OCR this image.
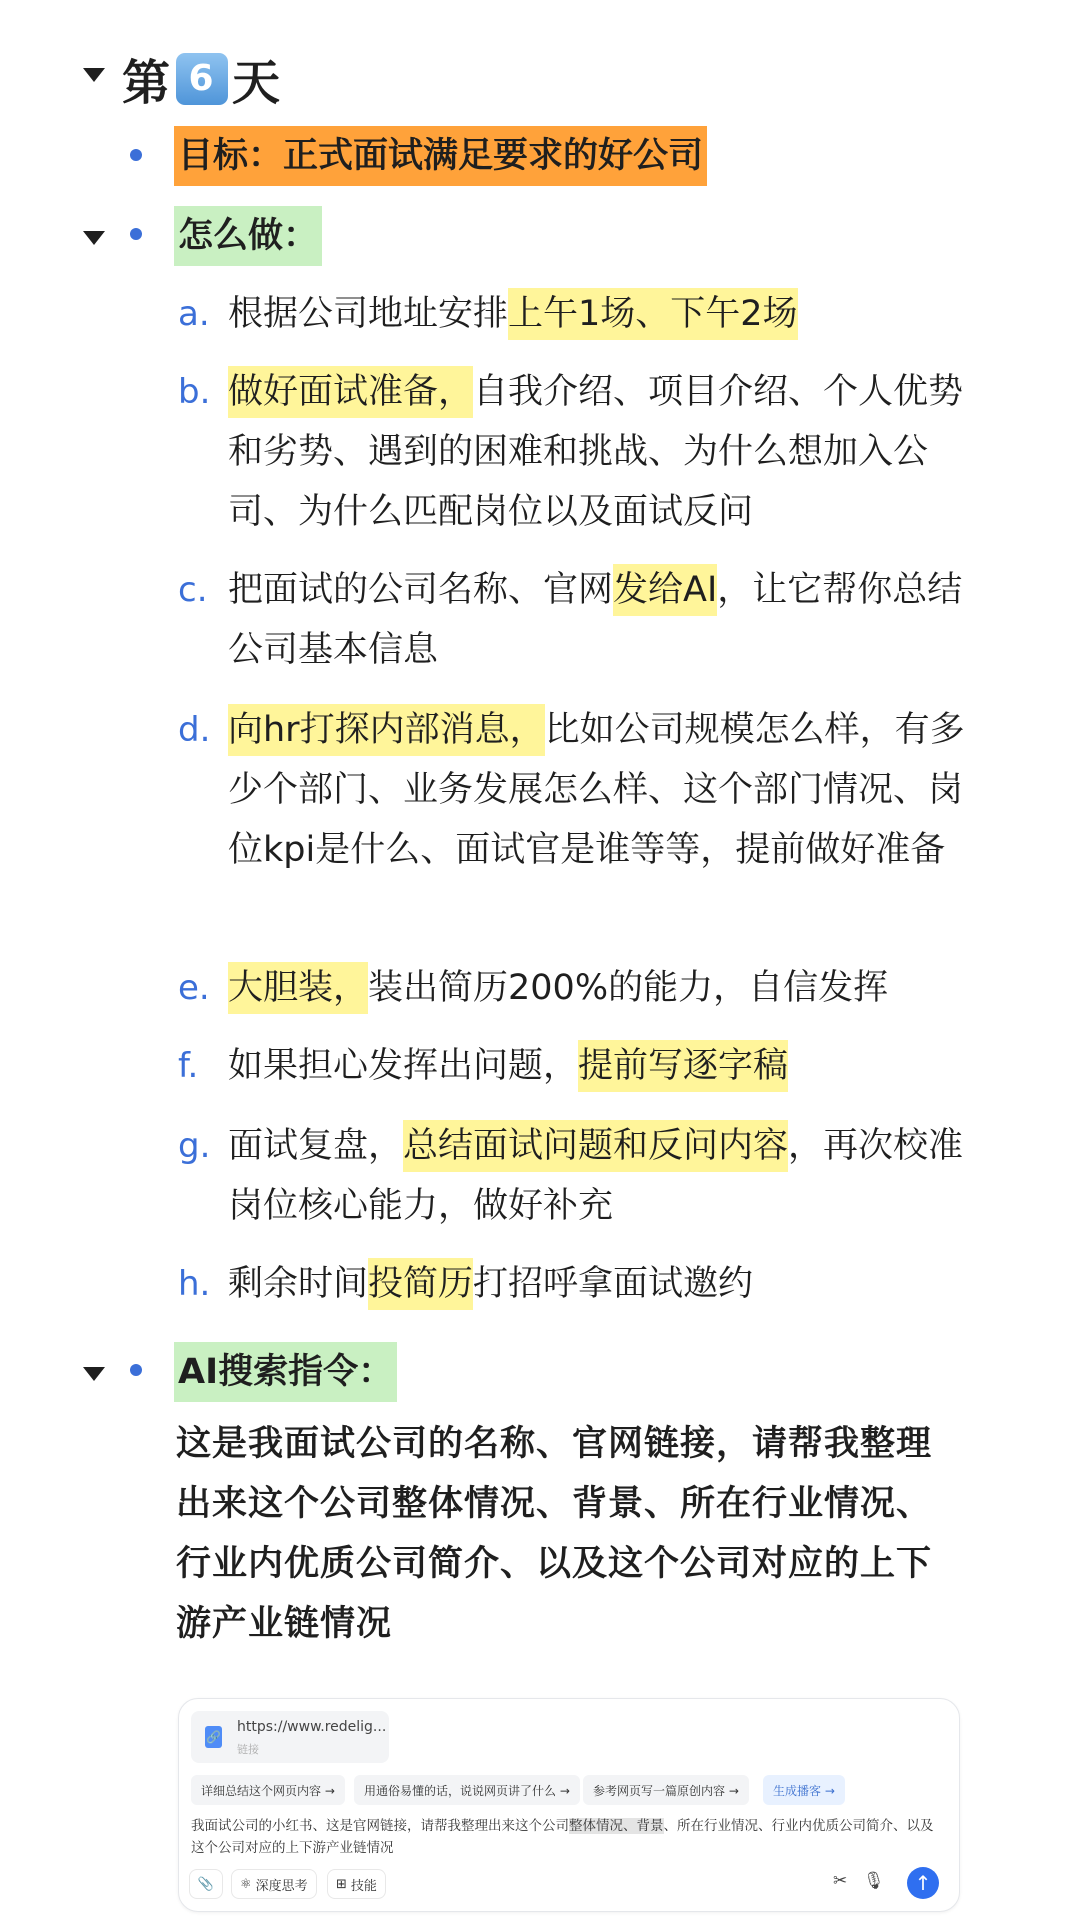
第 6 天
目标：正式面试满足要求的好公司
怎么做：
a. 根据公司地址安排上午1场、下午2场
b. 做好面试准备，自我介绍、项目介绍、个人优势和劣势、遇到的困难和挑战、为什么想加入公司、为什么匹配岗位以及面试反问
c. 把面试的公司名称、官网发给AI，让它帮你总结公司基本信息
d. 向hr打探内部消息，比如公司规模怎么样，有多少个部门、业务发展怎么样、这个部门情况、岗位kpi是什么、面试官是谁等等，提前做好准备
e. 大胆装，装出简历200%的能力，自信发挥
f. 如果担心发挥出问题，提前写逐字稿
g. 面试复盘，总结面试问题和反问内容，再次校准岗位核心能力，做好补充
h. 剩余时间投简历打招呼拿面试邀约
AI搜索指令：
这是我面试公司的名称、官网链接，请帮我整理出来这个公司整体情况、背景、所在行业情况、行业内优质公司简介、以及这个公司对应的上下游产业链情况
🔗
https://www.redelig...
链接
详细总结这个网页内容 →	用通俗易懂的话，说说网页讲了什么 →	参考网页写一篇原创内容 →	生成播客 →
我面试公司的小红书、这是官网链接，请帮我整理出来这个公司整体情况、背景、所在行业情况、行业内优质公司简介、以及这个公司对应的上下游产业链情况
📎 ⚛ 深度思考 ⊞ 技能	✂ 🎙 ↑
